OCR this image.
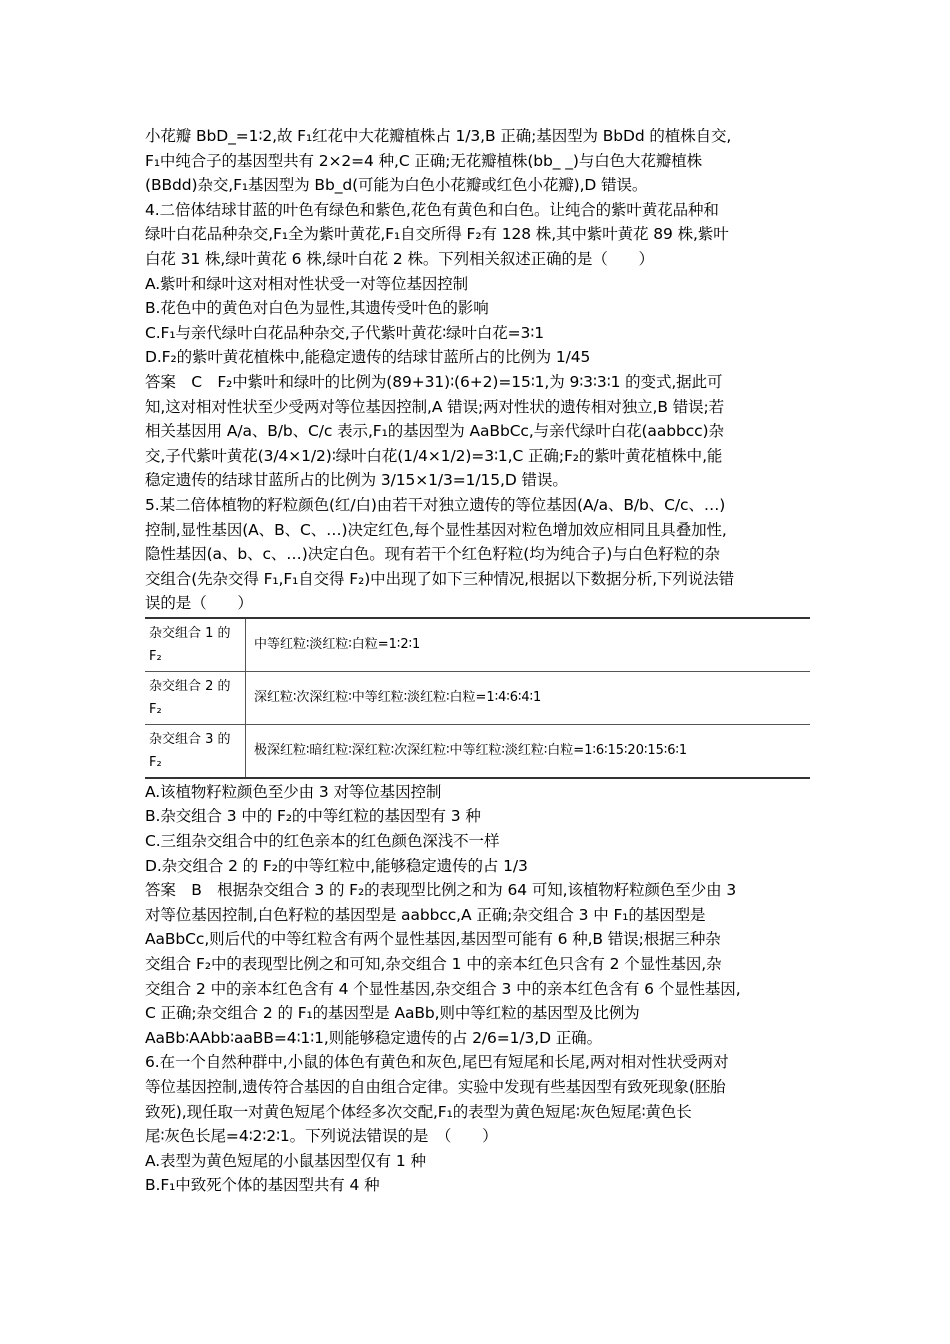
小花瓣 BbD_=1∶2,故 F₁红花中大花瓣植株占 1/3,B 正确;基因型为 BbDd 的植株自交,
F₁中纯合子的基因型共有 2×2=4 种,C 正确;无花瓣植株(bb_ _)与白色大花瓣植株
(BBdd)杂交,F₁基因型为 Bb_d(可能为白色小花瓣或红色小花瓣),D 错误。
4.二倍体结球甘蓝的叶色有绿色和紫色,花色有黄色和白色。让纯合的紫叶黄花品种和
绿叶白花品种杂交,F₁全为紫叶黄花,F₁自交所得 F₂有 128 株,其中紫叶黄花 89 株,紫叶
白花 31 株,绿叶黄花 6 株,绿叶白花 2 株。下列相关叙述正确的是（　　）
A.紫叶和绿叶这对相对性状受一对等位基因控制
B.花色中的黄色对白色为显性,其遗传受叶色的影响
C.F₁与亲代绿叶白花品种杂交,子代紫叶黄花∶绿叶白花=3∶1
D.F₂的紫叶黄花植株中,能稳定遗传的结球甘蓝所占的比例为 1/45
答案　C　F₂中紫叶和绿叶的比例为(89+31)∶(6+2)=15∶1,为 9∶3∶3∶1 的变式,据此可
知,这对相对性状至少受两对等位基因控制,A 错误;两对性状的遗传相对独立,B 错误;若
相关基因用 A/a、B/b、C/c 表示,F₁的基因型为 AaBbCc,与亲代绿叶白花(aabbcc)杂
交,子代紫叶黄花(3/4×1/2)∶绿叶白花(1/4×1/2)=3∶1,C 正确;F₂的紫叶黄花植株中,能
稳定遗传的结球甘蓝所占的比例为 3/15×1/3=1/15,D 错误。
5.某二倍体植物的籽粒颜色(红/白)由若干对独立遗传的等位基因(A/a、B/b、C/c、…)
控制,显性基因(A、B、C、…)决定红色,每个显性基因对粒色增加效应相同且具叠加性,
隐性基因(a、b、c、…)决定白色。现有若干个红色籽粒(均为纯合子)与白色籽粒的杂
交组合(先杂交得 F₁,F₁自交得 F₂)中出现了如下三种情况,根据以下数据分析,下列说法错
误的是（　　）
杂交组合 1 的 F₂	中等红粒∶淡红粒∶白粒=1∶2∶1
杂交组合 2 的 F₂	深红粒∶次深红粒∶中等红粒∶淡红粒∶白粒=1∶4∶6∶4∶1
杂交组合 3 的 F₂	极深红粒∶暗红粒∶深红粒∶次深红粒∶中等红粒∶淡红粒∶白粒=1∶6∶15∶20∶15∶6∶1
A.该植物籽粒颜色至少由 3 对等位基因控制
B.杂交组合 3 中的 F₂的中等红粒的基因型有 3 种
C.三组杂交组合中的红色亲本的红色颜色深浅不一样
D.杂交组合 2 的 F₂的中等红粒中,能够稳定遗传的占 1/3
答案　B　根据杂交组合 3 的 F₂的表现型比例之和为 64 可知,该植物籽粒颜色至少由 3
对等位基因控制,白色籽粒的基因型是 aabbcc,A 正确;杂交组合 3 中 F₁的基因型是
AaBbCc,则后代的中等红粒含有两个显性基因,基因型可能有 6 种,B 错误;根据三种杂
交组合 F₂中的表现型比例之和可知,杂交组合 1 中的亲本红色只含有 2 个显性基因,杂
交组合 2 中的亲本红色含有 4 个显性基因,杂交组合 3 中的亲本红色含有 6 个显性基因,
C 正确;杂交组合 2 的 F₁的基因型是 AaBb,则中等红粒的基因型及比例为
AaBb∶AAbb∶aaBB=4∶1∶1,则能够稳定遗传的占 2/6=1/3,D 正确。
6.在一个自然种群中,小鼠的体色有黄色和灰色,尾巴有短尾和长尾,两对相对性状受两对
等位基因控制,遗传符合基因的自由组合定律。实验中发现有些基因型有致死现象(胚胎
致死),现任取一对黄色短尾个体经多次交配,F₁的表型为黄色短尾∶灰色短尾∶黄色长
尾∶灰色长尾=4∶2∶2∶1。下列说法错误的是　（　　）
A.表型为黄色短尾的小鼠基因型仅有 1 种
B.F₁中致死个体的基因型共有 4 种
